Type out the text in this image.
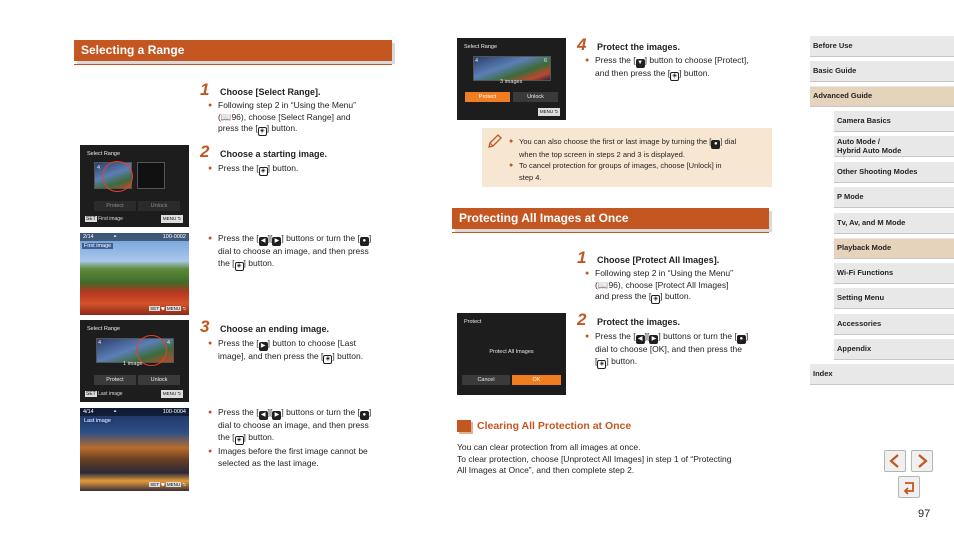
Selecting a Range
1	Choose [Select Range].
● Following step 2 in “Using the Menu”
(📖96), choose [Select Range] and
press the [ ◈ ] button.
Select Range
4
Protect	Unlock
SET First image	MENU ⮌
2	Choose a starting image.
● Press the [ ◈ ] button.
2/14	⚭	100-0002
First image
SET ⛊ MENU ⮌
● Press the [ ◀ ][ ▶ ] buttons or turn the [ ● ]
dial to choose an image, and then press
the [ ◈ ] button.
Select Range
4	4
1 image
Protect	Unlock
SET Last image	MENU ⮌
3	Choose an ending image.
● Press the [ ▶ ] button to choose [Last
image], and then press the [ ◈ ] button.
4/14	⚭	100-0004
Last image
SET ⛊ MENU ⮌
● Press the [ ◀ ][ ▶ ] buttons or turn the [ ● ]
dial to choose an image, and then press
the [ ◈ ] button.
● Images before the first image cannot be
selected as the last image.
Select Range
4	6
3 images
Protect	Unlock
MENU ⮌
4	Protect the images.
● Press the [ ▼ ] button to choose [Protect],
and then press the [ ◈ ] button.
● You can also choose the first or last image by turning the [ ● ] dial
when the top screen in steps 2 and 3 is displayed.
● To cancel protection for groups of images, choose [Unlock] in
step 4.
Protecting All Images at Once
1	Choose [Protect All Images].
● Following step 2 in “Using the Menu”
(📖96), choose [Protect All Images]
and press the [ ◈ ] button.
Protect
Protect All Images
Cancel	OK
2	Protect the images.
● Press the [ ◀ ][ ▶ ] buttons or turn the [ ● ]
dial to choose [OK], and then press the
[ ◈ ] button.
Clearing All Protection at Once
You can clear protection from all images at once.
To clear protection, choose [Unprotect All Images] in step 1 of “Protecting
All Images at Once”, and then complete step 2.
Before Use
Basic Guide
Advanced Guide
Camera Basics
Auto Mode /
Hybrid Auto Mode
Other Shooting Modes
P Mode
Tv, Av, and M Mode
Playback Mode
Wi-Fi Functions
Setting Menu
Accessories
Appendix
Index
97
